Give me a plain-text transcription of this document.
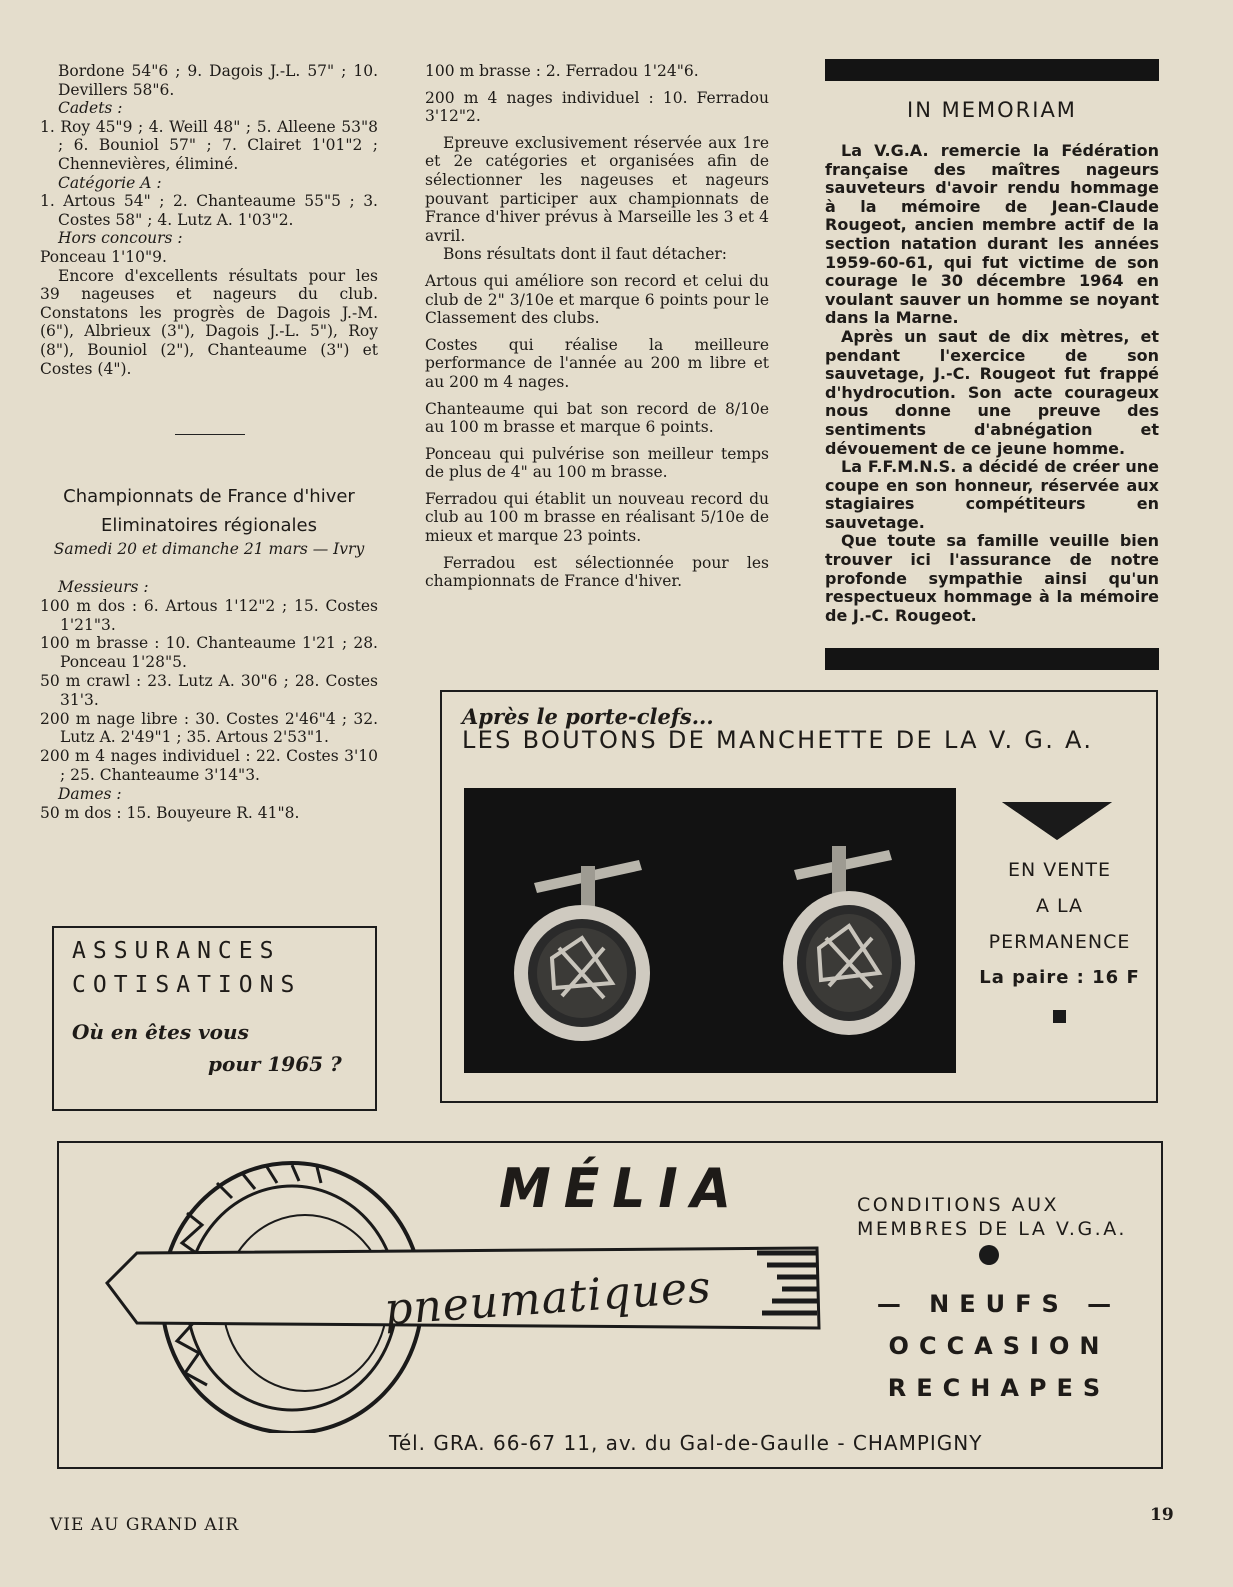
Bordone 54"6 ; 9. Dagois J.-L. 57" ; 10. Devillers 58"6.

Cadets :

1. Roy 45"9 ; 4. Weill 48" ; 5. Alleene 53"8 ; 6. Bouniol 57" ; 7. Clairet 1'01"2 ; Chennevières, éliminé.

Catégorie A :

1. Artous 54" ; 2. Chanteaume 55"5 ; 3. Costes 58" ; 4. Lutz A. 1'03"2.

Hors concours :

Ponceau 1'10"9.

Encore d'excellents résultats pour les 39 nageuses et nageurs du club. Constatons les progrès de Dagois J.-M. (6"), Albrieux (3"), Dagois J.-L. 5"), Roy (8"), Bouniol (2"), Chanteaume (3") et Costes (4").

Championnats de France d'hiver
Eliminatoires régionales
Samedi 20 et dimanche 21 mars — Ivry

Messieurs :

100 m dos : 6. Artous 1'12"2 ; 15. Costes 1'21"3.

100 m brasse : 10. Chanteaume 1'21 ; 28. Ponceau 1'28"5.

50 m crawl : 23. Lutz A. 30"6 ; 28. Costes 31'3.

200 m nage libre : 30. Costes 2'46"4 ; 32. Lutz A. 2'49"1 ; 35. Artous 2'53"1.

200 m 4 nages individuel : 22. Costes 3'10 ; 25. Chanteaume 3'14"3.

Dames :

50 m dos : 15. Bouyeure R. 41"8.

100 m brasse : 2. Ferradou 1'24"6.

200 m 4 nages individuel : 10. Ferradou 3'12"2.

Epreuve exclusivement réservée aux 1re et 2e catégories et organisées afin de sélectionner les nageuses et nageurs pouvant participer aux championnats de France d'hiver prévus à Marseille les 3 et 4 avril.

Bons résultats dont il faut détacher:

Artous qui améliore son record et celui du club de 2" 3/10e et marque 6 points pour le Classement des clubs.

Costes qui réalise la meilleure performance de l'année au 200 m libre et au 200 m 4 nages.

Chanteaume qui bat son record de 8/10e au 100 m brasse et marque 6 points.

Ponceau qui pulvérise son meilleur temps de plus de 4" au 100 m brasse.

Ferradou qui établit un nouveau record du club au 100 m brasse en réalisant 5/10e de mieux et marque 23 points.

Ferradou est sélectionnée pour les championnats de France d'hiver.

IN MEMORIAM

La V.G.A. remercie la Fédération française des maîtres nageurs sauveteurs d'avoir rendu hommage à la mémoire de Jean-Claude Rougeot, ancien membre actif de la section natation durant les années 1959-60-61, qui fut victime de son courage le 30 décembre 1964 en voulant sauver un homme se noyant dans la Marne.

Après un saut de dix mètres, et pendant l'exercice de son sauvetage, J.-C. Rougeot fut frappé d'hydrocution. Son acte courageux nous donne une preuve des sentiments d'abnégation et dévouement de ce jeune homme.

La F.F.M.N.S. a décidé de créer une coupe en son honneur, réservée aux stagiaires compétiteurs en sauvetage.

Que toute sa famille veuille bien trouver ici l'assurance de notre profonde sympathie ainsi qu'un respectueux hommage à la mémoire de J.-C. Rougeot.

ASSURANCES
COTISATIONS
Où en êtes vous
pour 1965 ?
Après le porte-clefs...
LES BOUTONS DE MANCHETTE DE LA V. G. A.
EN VENTE
A LA
PERMANENCE
La paire : 16 F
MÉLIA
pneumatiques
CONDITIONS AUX
MEMBRES DE LA V.G.A.
— NEUFS —
OCCASION
RECHAPES
Tél. GRA. 66-67 11, av. du Gal-de-Gaulle - CHAMPIGNY
VIE AU GRAND AIR	19
